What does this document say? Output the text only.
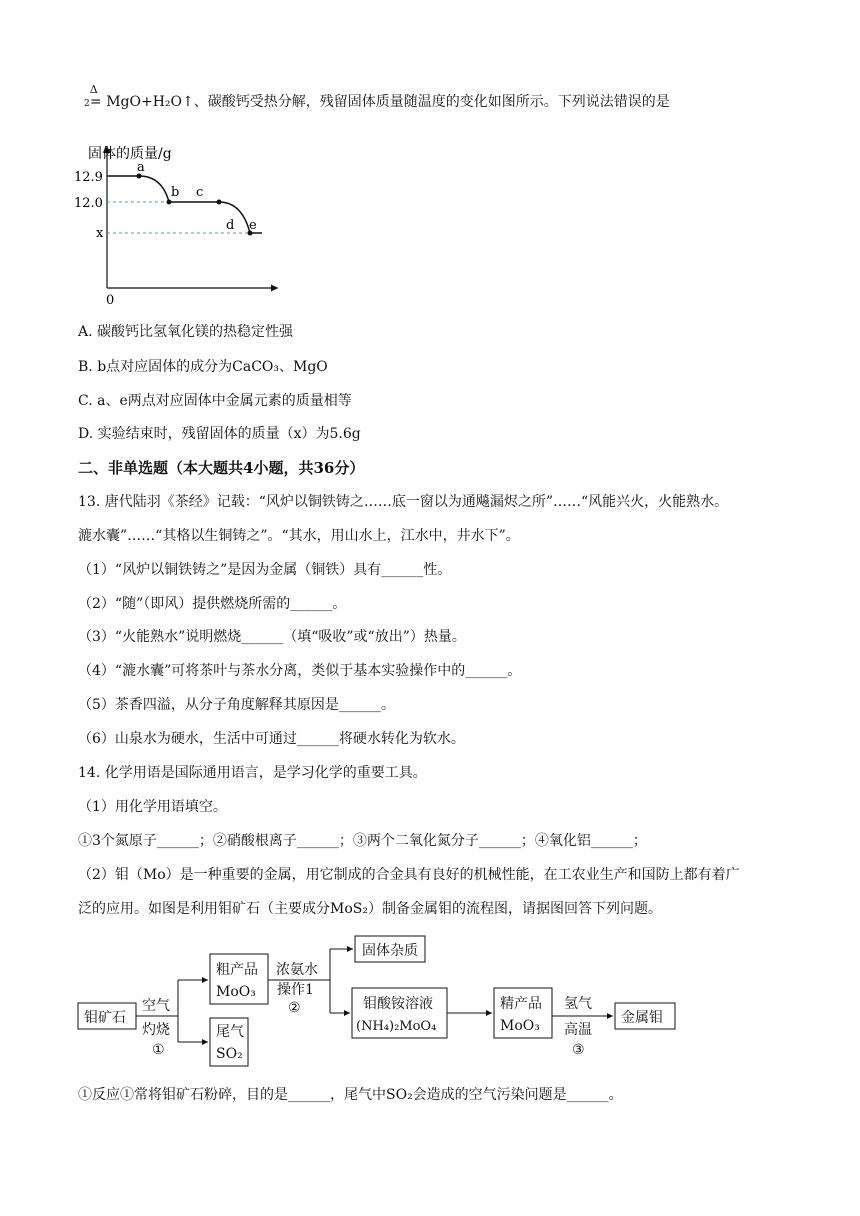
2
Δ
= MgO+H₂O↑、碳酸钙受热分解，残留固体质量随温度的变化如图所示。下列说法错误的是
固体的质量/g
0
12.9
12.0
x
a
b c
d e
A. 碳酸钙比氢氧化镁的热稳定性强
B. b点对应固体的成分为CaCO₃、MgO
C. a、e两点对应固体中金属元素的质量相等
D. 实验结束时，残留固体的质量（x）为5.6g
二、非单选题（本大题共4小题，共36分）
13. 唐代陆羽《茶经》记载：“风炉以铜铁铸之……底一窗以为通飚漏烬之所”……“风能兴火，火能熟水。
漉水囊”……“其格以生铜铸之”。“其水，用山水上，江水中，井水下”。
（1）“风炉以铜铁铸之”是因为金属（铜铁）具有______性。
（2）“随”（即风）提供燃烧所需的______。
（3）“火能熟水”说明燃烧______（填“吸收”或“放出”）热量。
（4）“漉水囊”可将茶叶与茶水分离，类似于基本实验操作中的______。
（5）茶香四溢，从分子角度解释其原因是______。
（6）山泉水为硬水，生活中可通过______将硬水转化为软水。
14. 化学用语是国际通用语言，是学习化学的重要工具。
（1）用化学用语填空。
①3个氮原子______；②硝酸根离子______；③两个二氧化氮分子______；④氧化铝______；
（2）钼（Mo）是一种重要的金属，用它制成的合金具有良好的机械性能，在工农业生产和国防上都有着广
泛的应用。如图是利用钼矿石（主要成分MoS₂）制备金属钼的流程图，请据图回答下列问题。
钼矿石
空气
灼烧
①
粗产品
MoO₃
尾气
SO₂
浓氨水
操作1
②
固体杂质
钼酸铵溶液
(NH₄)₂MoO₄
精产品
MoO₃
氢气
高温
③
金属钼
①反应①常将钼矿石粉碎，目的是______，尾气中SO₂会造成的空气污染问题是______。
